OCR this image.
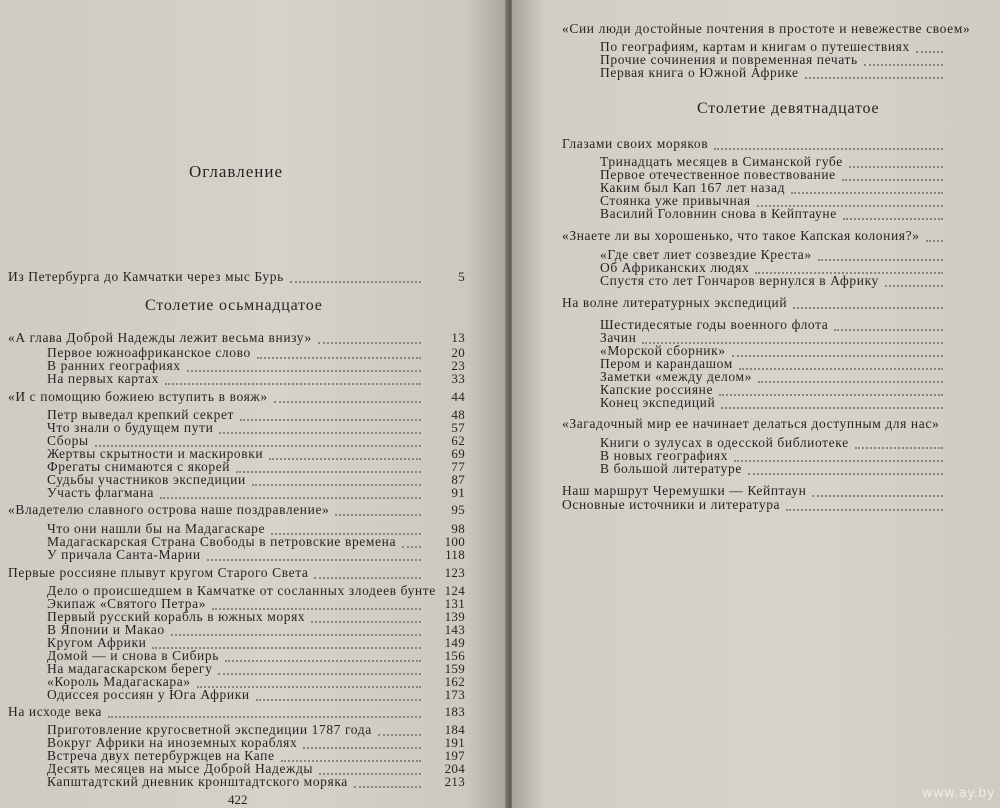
Оглавление
Из Петербурга до Камчатки через мыс Бурь	5
Столетие осьмнадцатое
«А глава Доброй Надежды лежит весьма внизу»	13
Первое южноафриканское слово	20
В ранних географиях	23
На первых картах	33
«И с помощию божиею вступить в вояж»	44
Петр выведал крепкий секрет	48
Что знали о будущем пути	57
Сборы	62
Жертвы скрытности и маскировки	69
Фрегаты снимаются с якорей	77
Судьбы участников экспедиции	87
Участь флагмана	91
«Владетелю славного острова наше поздравление»	95
Что они нашли бы на Мадагаскаре	98
Мадагаскарская Страна Свободы в петровские времена	100
У причала Санта-Марии	118
Первые россияне плывут кругом Старого Света	123
Дело о происшедшем в Камчатке от сосланных злодеев бунте 124
Экипаж «Святого Петра»	131
Первый русский корабль в южных морях	139
В Японии и Макао	143
Кругом Африки	149
Домой — и снова в Сибирь	156
На мадагаскарском берегу	159
«Король Мадагаскара»	162
Одиссея россиян у Юга Африки	173
На исходе века	183
Приготовление кругосветной экспедиции 1787 года	184
Вокруг Африки на иноземных кораблях	191
Встреча двух петербуржцев на Капе	197
Десять месяцев на мысе Доброй Надежды	204
Капштадтский дневник кронштадтского моряка	213
422
«Сии люди достойные почтения в простоте и невежестве своем»
По географиям, картам и книгам о путешествиях
Прочие сочинения и повременная печать
Первая книга о Южной Африке
Столетие девятнадцатое
Глазами своих моряков
Тринадцать месяцев в Симанской губе
Первое отечественное повествование
Каким был Кап 167 лет назад
Стоянка уже привычная
Василий Головнин снова в Кейптауне
«Знаете ли вы хорошенько, что такое Капская колония?»
«Где свет лиет созвездие Креста»
Об Африканских людях
Спустя сто лет Гончаров вернулся в Африку
На волне литературных экспедиций
Шестидесятые годы военного флота
Зачин
«Морской сборник»
Пером и карандашом
Заметки «между делом»
Капские россияне
Конец экспедиций
«Загадочный мир ее начинает делаться доступным для нас»
Книги о зулусах в одесской библиотеке
В новых географиях
В большой литературе
Наш маршрут Черемушки — Кейптаун
Основные источники и литература
www.ay.by
